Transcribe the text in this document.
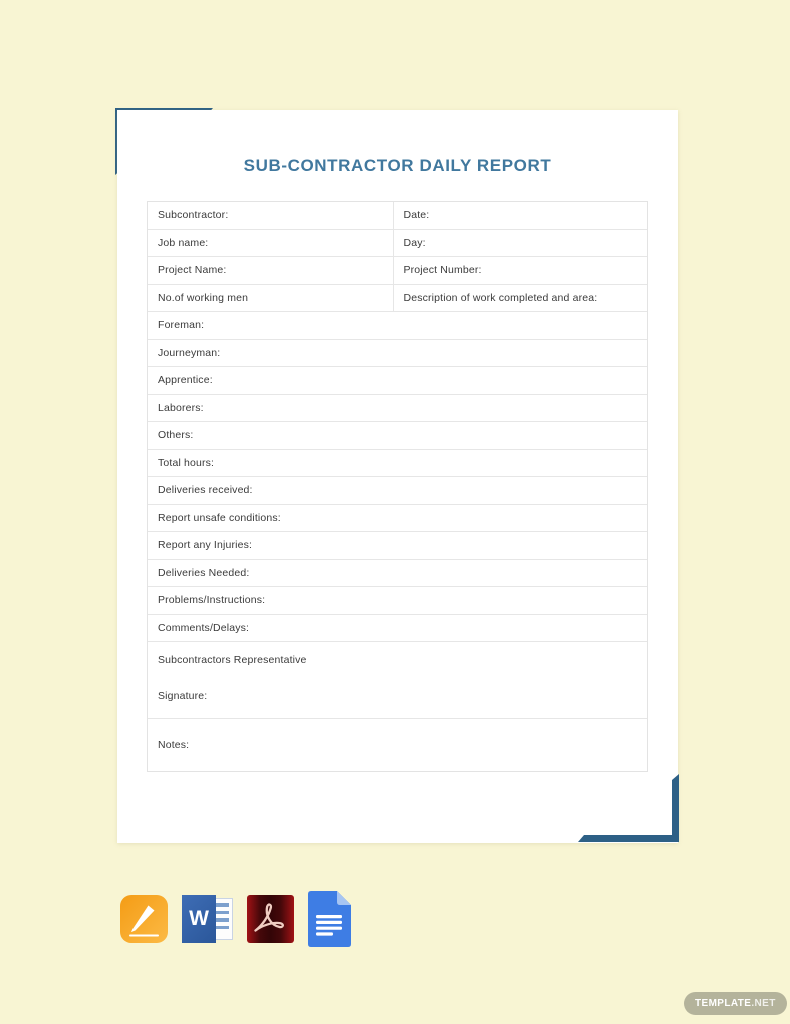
SUB-CONTRACTOR DAILY REPORT
Subcontractor:	Date:
Job name:	Day:
Project Name:	Project Number:
No.of working men	Description of work completed and area:
Foreman:
Journeyman:
Apprentice:
Laborers:
Others:
Total hours:
Deliveries received:
Report unsafe conditions:
Report any Injuries:
Deliveries Needed:
Problems/Instructions:
Comments/Delays:
Subcontractors Representative
Signature:
Notes:
W
TEMPLATE .NET
